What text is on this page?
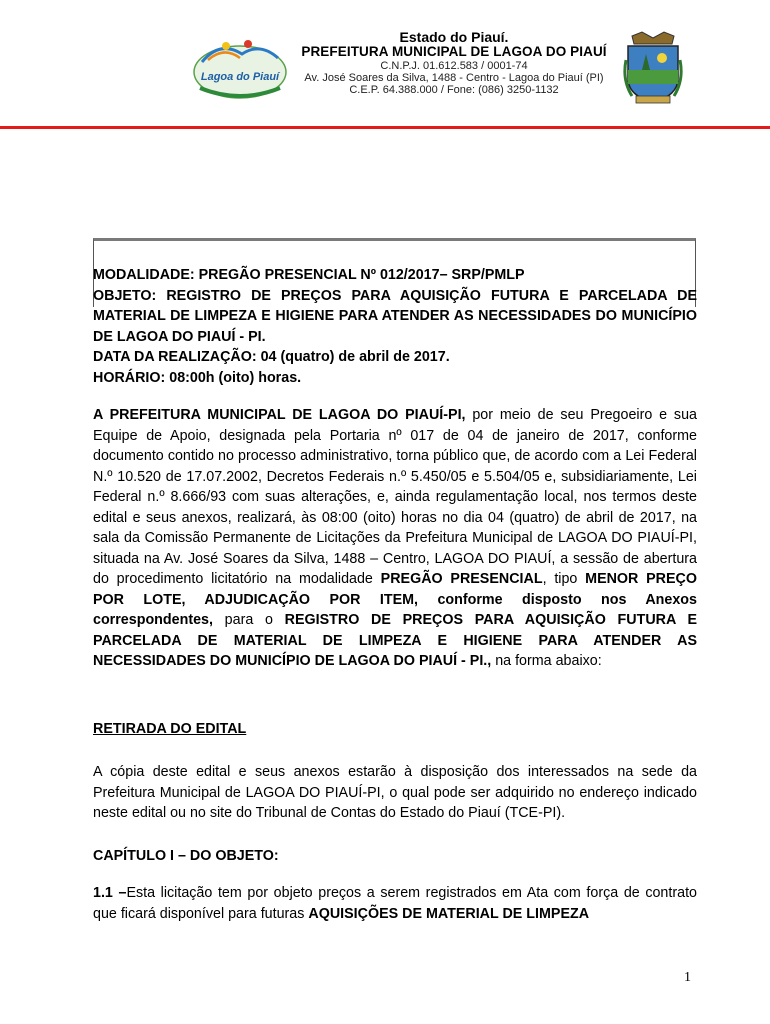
Lagoa do Piauí
Estado do Piauí.
PREFEITURA MUNICIPAL DE LAGOA DO PIAUÍ
C.N.P.J. 01.612.583 / 0001-74
Av. José Soares da Silva, 1488 - Centro - Lagoa do Piauí (PI)
C.E.P. 64.388.000 / Fone: (086) 3250-1132

MODALIDADE: PREGÃO PRESENCIAL Nº 012/2017– SRP/PMLP

OBJETO: REGISTRO DE PREÇOS PARA AQUISIÇÃO FUTURA E PARCELADA DE MATERIAL DE LIMPEZA E HIGIENE PARA ATENDER AS NECESSIDADES DO MUNICÍPIO DE LAGOA DO PIAUÍ - PI.

DATA DA REALIZAÇÃO: 04 (quatro) de abril de 2017.

HORÁRIO: 08:00h (oito) horas.

A PREFEITURA MUNICIPAL DE LAGOA DO PIAUÍ-PI, por meio de seu Pregoeiro e sua Equipe de Apoio, designada pela Portaria nº 017 de 04 de janeiro de 2017, conforme documento contido no processo administrativo, torna público que, de acordo com a Lei Federal N.º 10.520 de 17.07.2002, Decretos Federais n.º 5.450/05 e 5.504/05 e, subsidiariamente, Lei Federal n.º 8.666/93 com suas alterações, e, ainda regulamentação local, nos termos deste edital e seus anexos, realizará, às 08:00 (oito) horas no dia 04 (quatro) de abril de 2017, na sala da Comissão Permanente de Licitações da Prefeitura Municipal de LAGOA DO PIAUÍ-PI, situada na Av. José Soares da Silva, 1488 – Centro, LAGOA DO PIAUÍ, a sessão de abertura do procedimento licitatório na modalidade PREGÃO PRESENCIAL, tipo MENOR PREÇO POR LOTE, ADJUDICAÇÃO POR ITEM, conforme disposto nos Anexos correspondentes, para o REGISTRO DE PREÇOS PARA AQUISIÇÃO FUTURA E PARCELADA DE MATERIAL DE LIMPEZA E HIGIENE PARA ATENDER AS NECESSIDADES DO MUNICÍPIO DE LAGOA DO PIAUÍ - PI., na forma abaixo:

RETIRADA DO EDITAL

A cópia deste edital e seus anexos estarão à disposição dos interessados na sede da Prefeitura Municipal de LAGOA DO PIAUÍ-PI, o qual pode ser adquirido no endereço indicado neste edital ou no site do Tribunal de Contas do Estado do Piauí (TCE-PI).

CAPÍTULO I – DO OBJETO:

1.1 –Esta licitação tem por objeto preços a serem registrados em Ata com força de contrato que ficará disponível para futuras AQUISIÇÕES DE MATERIAL DE LIMPEZA

1
